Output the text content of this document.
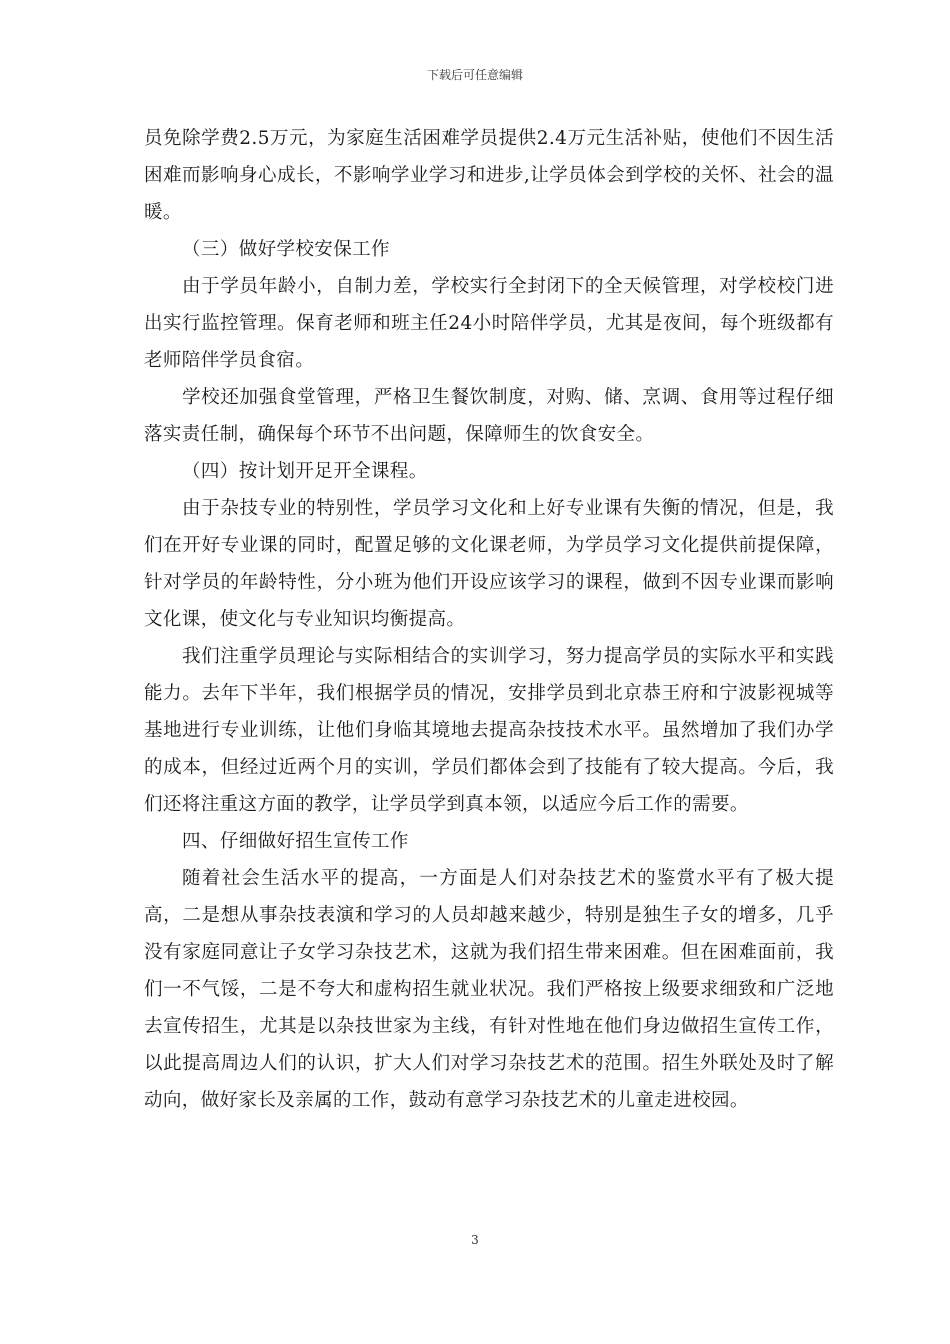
下载后可任意编辑

员免除学费2.5万元，为家庭生活困难学员提供2.4万元生活补贴，使他们不因生活困难而影响身心成长，不影响学业学习和进步,让学员体会到学校的关怀、社会的温暖。

（三）做好学校安保工作

由于学员年龄小，自制力差，学校实行全封闭下的全天候管理，对学校校门进出实行监控管理。保育老师和班主任24小时陪伴学员，尤其是夜间，每个班级都有老师陪伴学员食宿。

学校还加强食堂管理，严格卫生餐饮制度，对购、储、烹调、食用等过程仔细落实责任制，确保每个环节不出问题，保障师生的饮食安全。

（四）按计划开足开全课程。

由于杂技专业的特别性，学员学习文化和上好专业课有失衡的情况，但是，我们在开好专业课的同时，配置足够的文化课老师，为学员学习文化提供前提保障，针对学员的年龄特性，分小班为他们开设应该学习的课程，做到不因专业课而影响文化课，使文化与专业知识均衡提高。

我们注重学员理论与实际相结合的实训学习，努力提高学员的实际水平和实践能力。去年下半年，我们根据学员的情况，安排学员到北京恭王府和宁波影视城等基地进行专业训练，让他们身临其境地去提高杂技技术水平。虽然增加了我们办学的成本，但经过近两个月的实训，学员们都体会到了技能有了较大提高。今后，我们还将注重这方面的教学，让学员学到真本领，以适应今后工作的需要。

四、仔细做好招生宣传工作

随着社会生活水平的提高，一方面是人们对杂技艺术的鉴赏水平有了极大提高，二是想从事杂技表演和学习的人员却越来越少，特别是独生子女的增多，几乎没有家庭同意让子女学习杂技艺术，这就为我们招生带来困难。但在困难面前，我们一不气馁，二是不夸大和虚构招生就业状况。我们严格按上级要求细致和广泛地去宣传招生，尤其是以杂技世家为主线，有针对性地在他们身边做招生宣传工作，以此提高周边人们的认识，扩大人们对学习杂技艺术的范围。招生外联处及时了解动向，做好家长及亲属的工作，鼓动有意学习杂技艺术的儿童走进校园。

3
